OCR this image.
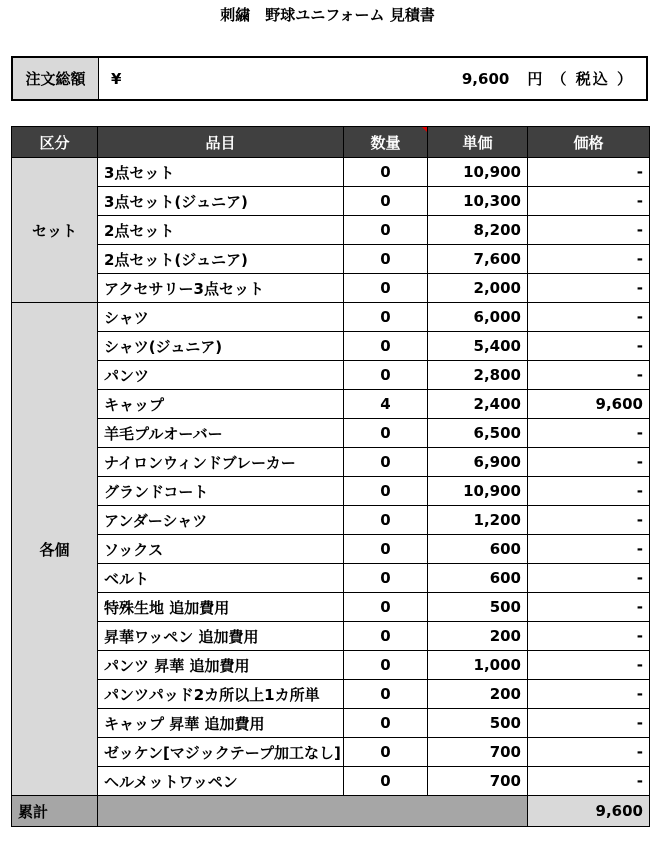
刺繍　野球ユニフォーム 見積書
注文総額	¥	9,600 円 （ 税込 ）
区分	品目	数量	単価	価格
セット	3点セット	0	10,900	-
	3点セット(ジュニア)	0	10,300	-
	2点セット	0	8,200	-
	2点セット(ジュニア)	0	7,600	-
	アクセサリー3点セット	0	2,000	-
各個	シャツ	0	6,000	-
	シャツ(ジュニア)	0	5,400	-
	パンツ	0	2,800	-
	キャップ	4	2,400	9,600
	羊毛プルオーバー	0	6,500	-
	ナイロンウィンドブレーカー	0	6,900	-
	グランドコート	0	10,900	-
	アンダーシャツ	0	1,200	-
	ソックス	0	600	-
	ベルト	0	600	-
	特殊生地 追加費用	0	500	-
	昇華ワッペン 追加費用	0	200	-
	パンツ 昇華 追加費用	0	1,000	-
	パンツパッド2カ所以上1カ所単	0	200	-
	キャップ 昇華 追加費用	0	500	-
	ゼッケン[マジックテープ加工なし]	0	700	-
	ヘルメットワッペン	0	700	-
累計				9,600
